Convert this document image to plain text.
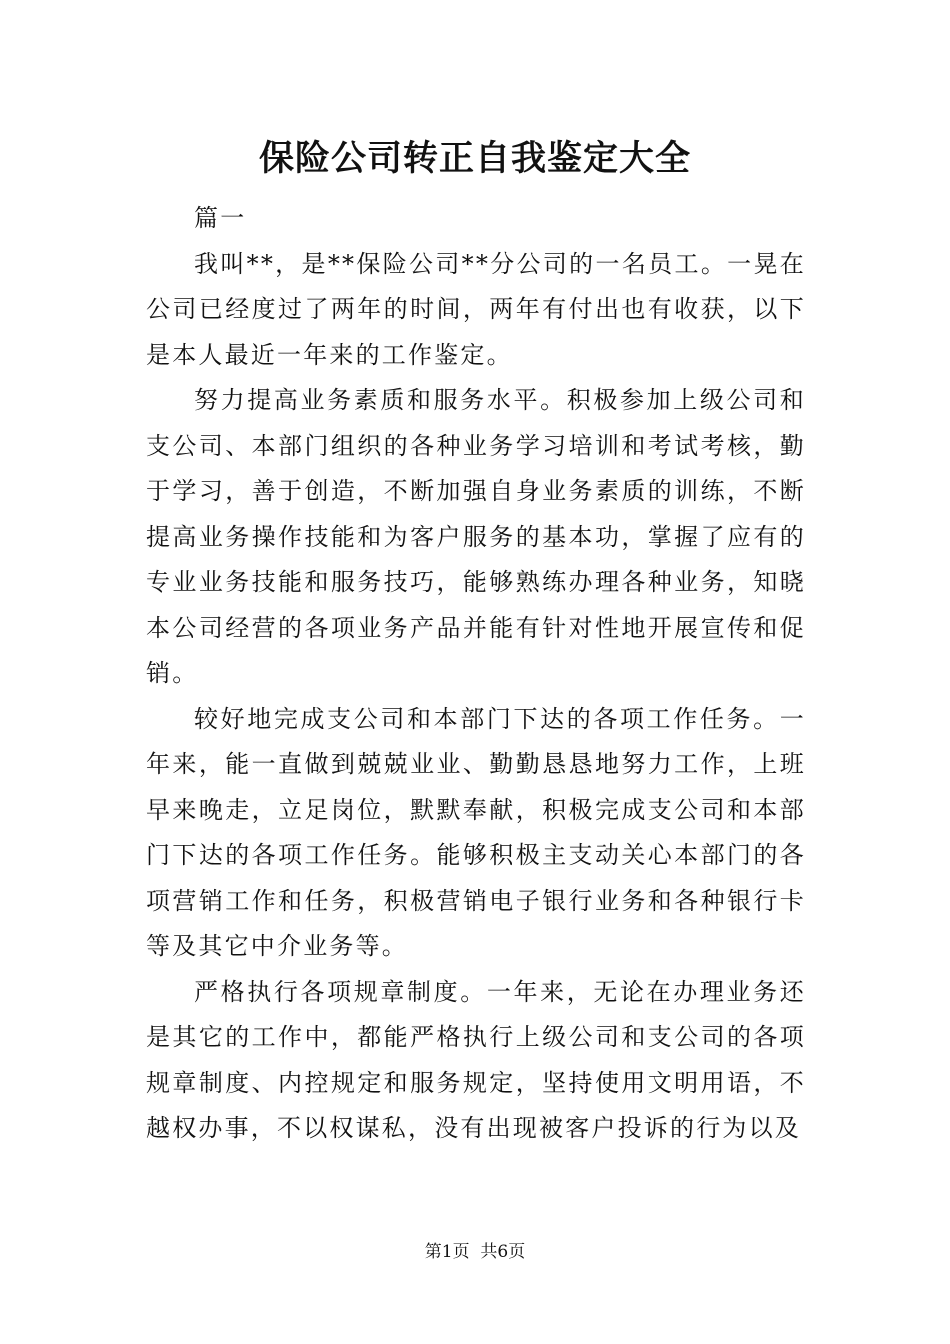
保险公司转正自我鉴定大全

篇一

我叫**，是**保险公司**分公司的一名员工。一晃在公司已经度过了两年的时间，两年有付出也有收获，以下是本人最近一年来的工作鉴定。

努力提高业务素质和服务水平。积极参加上级公司和支公司、本部门组织的各种业务学习培训和考试考核，勤于学习，善于创造，不断加强自身业务素质的训练，不断提高业务操作技能和为客户服务的基本功，掌握了应有的专业业务技能和服务技巧，能够熟练办理各种业务，知晓本公司经营的各项业务产品并能有针对性地开展宣传和促销。

较好地完成支公司和本部门下达的各项工作任务。一年来，能一直做到兢兢业业、勤勤恳恳地努力工作，上班早来晚走，立足岗位，默默奉献，积极完成支公司和本部门下达的各项工作任务。能够积极主支动关心本部门的各项营销工作和任务，积极营销电子银行业务和各种银行卡等及其它中介业务等。

严格执行各项规章制度。一年来，无论在办理业务还是其它的工作中，都能严格执行上级公司和支公司的各项规章制度、内控规定和服务规定，坚持使用文明用语，不越权办事，不以权谋私，没有出现被客户投诉的行为以及

第1页  共6页
